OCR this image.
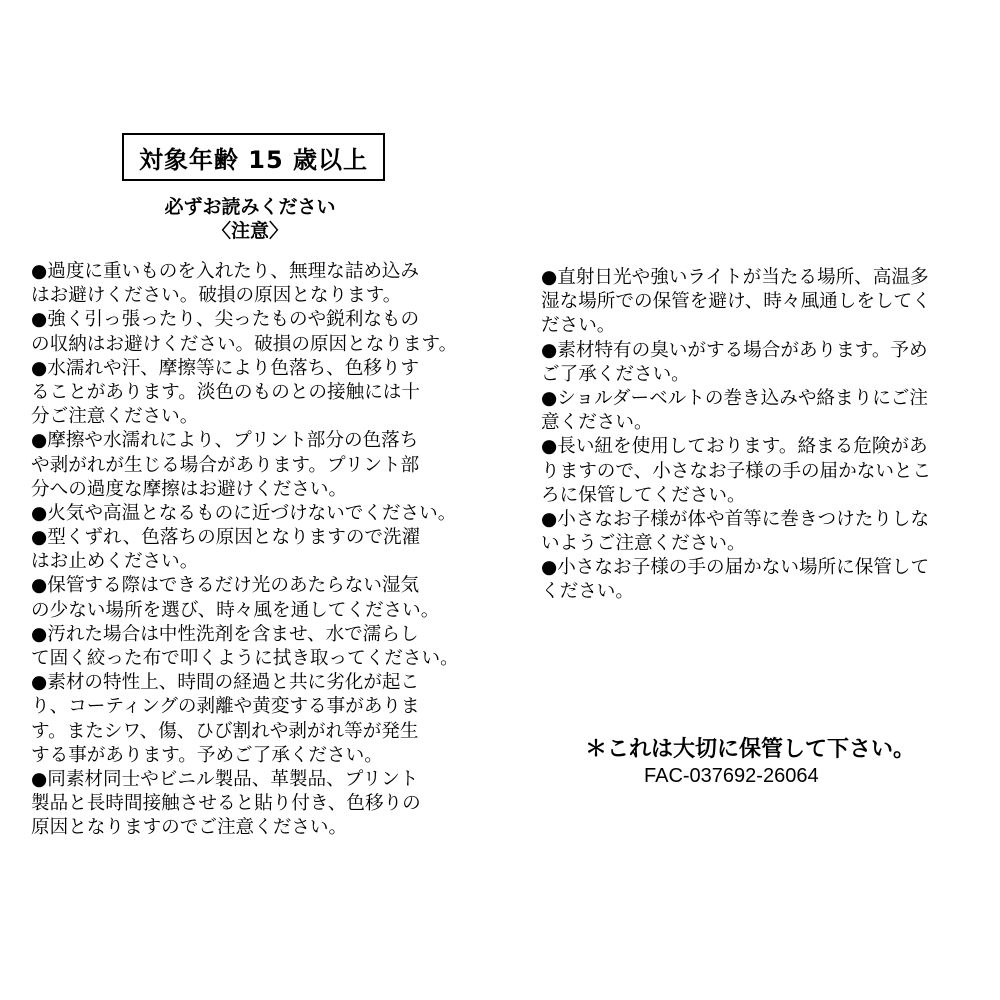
対象年齢 15 歳以上
必ずお読みください
〈注意〉
●過度に重いものを入れたり、無理な詰め込み
はお避けください。破損の原因となります。
●強く引っ張ったり、尖ったものや鋭利なもの
の収納はお避けください。破損の原因となります。
●水濡れや汗、摩擦等により色落ち、色移りす
ることがあります。淡色のものとの接触には十
分ご注意ください。
●摩擦や水濡れにより、プリント部分の色落ち
や剥がれが生じる場合があります。プリント部
分への過度な摩擦はお避けください。
●火気や高温となるものに近づけないでください。
●型くずれ、色落ちの原因となりますので洗濯
はお止めください。
●保管する際はできるだけ光のあたらない湿気
の少ない場所を選び、時々風を通してください。
●汚れた場合は中性洗剤を含ませ、水で濡らし
て固く絞った布で叩くように拭き取ってください。
●素材の特性上、時間の経過と共に劣化が起こ
り、コーティングの剥離や黄変する事がありま
す。またシワ、傷、ひび割れや剥がれ等が発生
する事があります。予めご了承ください。
●同素材同士やビニル製品、革製品、プリント
製品と長時間接触させると貼り付き、色移りの
原因となりますのでご注意ください。
●直射日光や強いライトが当たる場所、高温多
湿な場所での保管を避け、時々風通しをしてく
ださい。
●素材特有の臭いがする場合があります。予め
ご了承ください。
●ショルダーベルトの巻き込みや絡まりにご注
意ください。
●長い紐を使用しております。絡まる危険があ
りますので、小さなお子様の手の届かないとこ
ろに保管してください。
●小さなお子様が体や首等に巻きつけたりしな
いようご注意ください。
●小さなお子様の手の届かない場所に保管して
ください。
＊これは大切に保管して下さい。
FAC-037692-26064
